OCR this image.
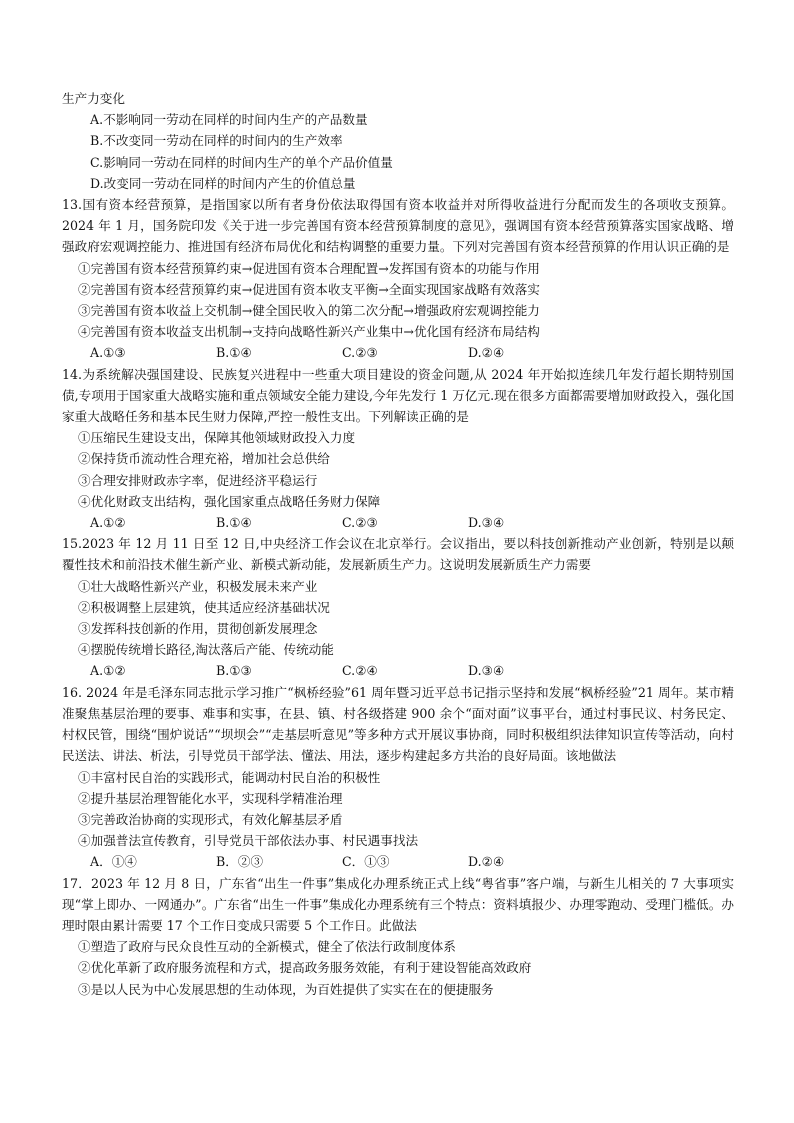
生产力变化

A.不影响同一劳动在同样的时间内生产的产品数量

B.不改变同一劳动在同样的时间内的生产效率

C.影响同一劳动在同样的时间内生产的单个产品价值量

D.改变同一劳动在同样的时间内产生的价值总量

13.国有资本经营预算，是指国家以所有者身份依法取得国有资本收益并对所得收益进行分配而发生的各项收支预算。2024 年 1 月，国务院印发《关于进一步完善国有资本经营预算制度的意见》，强调国有资本经营预算落实国家战略、增强政府宏观调控能力、推进国有经济布局优化和结构调整的重要力量。下列对完善国有资本经营预算的作用认识正确的是

①完善国有资本经营预算约束→促进国有资本合理配置→发挥国有资本的功能与作用

②完善国有资本经营预算约束→促进国有资本收支平衡→全面实现国家战略有效落实

③完善国有资本收益上交机制→健全国民收入的第二次分配→增强政府宏观调控能力

④完善国有资本收益支出机制→支持向战略性新兴产业集中→优化国有经济布局结构

A.①③	B.①④	C.②③	D.②④

14.为系统解决强国建设、民族复兴进程中一些重大项目建设的资金问题,从 2024 年开始拟连续几年发行超长期特别国债,专项用于国家重大战略实施和重点领域安全能力建设,今年先发行 1 万亿元.现在很多方面都需要增加财政投入，强化国家重大战略任务和基本民生财力保障,严控一般性支出。下列解读正确的是

①压缩民生建设支出，保障其他领域财政投入力度

②保持货币流动性合理充裕，增加社会总供给

③合理安排财政赤字率，促进经济平稳运行

④优化财政支出结构，强化国家重点战略任务财力保障

A.①②	B.①④	C.②③	D.③④

15.2023 年 12 月 11 日至 12 日,中央经济工作会议在北京举行。会议指出，要以科技创新推动产业创新，特别是以颠覆性技术和前沿技术催生新产业、新模式新动能，发展新质生产力。这说明发展新质生产力需要

①壮大战略性新兴产业，积极发展未来产业

②积极调整上层建筑，使其适应经济基础状况

③发挥科技创新的作用，贯彻创新发展理念

④摆脱传统增长路径,淘汰落后产能、传统动能

A.①②	B.①③	C.②④	D.③④

16. 2024 年是毛泽东同志批示学习推广“枫桥经验”61 周年暨习近平总书记指示坚持和发展“枫桥经验”21 周年。某市精准聚焦基层治理的要事、难事和实事，在县、镇、村各级搭建 900 余个“面对面”议事平台，通过村事民议、村务民定、村权民管，围绕“围炉说话”“坝坝会”“走基层听意见”等多种方式开展议事协商，同时积极组织法律知识宣传等活动，向村民送法、讲法、析法，引导党员干部学法、懂法、用法，逐步构建起多方共治的良好局面。该地做法

①丰富村民自治的实践形式，能调动村民自治的积极性

②提升基层治理智能化水平，实现科学精准治理

③完善政治协商的实现形式，有效化解基层矛盾

④加强普法宣传教育，引导党员干部依法办事、村民遇事找法

A．①④	B．②③	C．①③	D.②④

17．2023 年 12 月 8 日，广东省“出生一件事”集成化办理系统正式上线“粤省事”客户端，与新生儿相关的 7 大事项实现“掌上即办、一网通办”。广东省“出生一件事”集成化办理系统有三个特点：资料填报少、办理零跑动、受理门槛低。办理时限由累计需要 17 个工作日变成只需要 5 个工作日。此做法

①塑造了政府与民众良性互动的全新模式，健全了依法行政制度体系

②优化革新了政府服务流程和方式，提高政务服务效能，有利于建设智能高效政府

③是以人民为中心发展思想的生动体现，为百姓提供了实实在在的便捷服务
